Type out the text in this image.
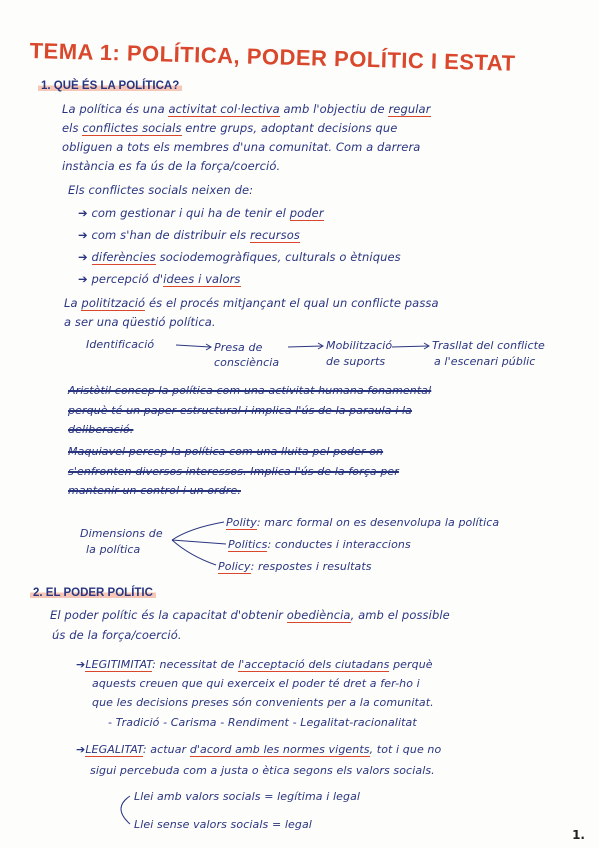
TEMA 1: POLÍTICA, PODER POLÍTIC I ESTAT
1. QUÈ ÉS LA POLÍTICA?
La política és una activitat col·lectiva amb l'objectiu de regular
els conflictes socials entre grups, adoptant decisions que
obliguen a tots els membres d'una comunitat. Com a darrera
instància es fa ús de la força/coerció.
Els conflictes socials neixen de:
➔ com gestionar i qui ha de tenir el poder
➔ com s'han de distribuir els recursos
➔ diferències sociodemogràfiques, culturals o ètniques
➔ percepció d'idees i valors
La politització és el procés mitjançant el qual un conflicte passa
a ser una qüestió política.
Identificació	Presa de
consciència
Mobilització
de suports
Trasllat del conflicte
a l'escenari públic
Aristòtil concep la política com una activitat humana fonamental
perquè té un paper estructural i implica l'ús de la paraula i la
deliberació.
Maquiavel percep la política com una lluita pel poder on
s'enfronten diversos interessos. Implica l'ús de la força per
mantenir un control i un ordre.
Dimensions de
la política
Polity: marc formal on es desenvolupa la política
Politics: conductes i interaccions
Policy: respostes i resultats
2. EL PODER POLÍTIC
El poder polític és la capacitat d'obtenir obediència, amb el possible
ús de la força/coerció.
➔LEGITIMITAT: necessitat de l'acceptació dels ciutadans perquè
aquests creuen que qui exerceix el poder té dret a fer-ho i
que les decisions preses són convenients per a la comunitat.
- Tradició - Carisma - Rendiment - Legalitat-racionalitat
➔LEGALITAT: actuar d'acord amb les normes vigents, tot i que no
sigui percebuda com a justa o ètica segons els valors socials.
Llei amb valors socials = legítima i legal
Llei sense valors socials = legal
1.
